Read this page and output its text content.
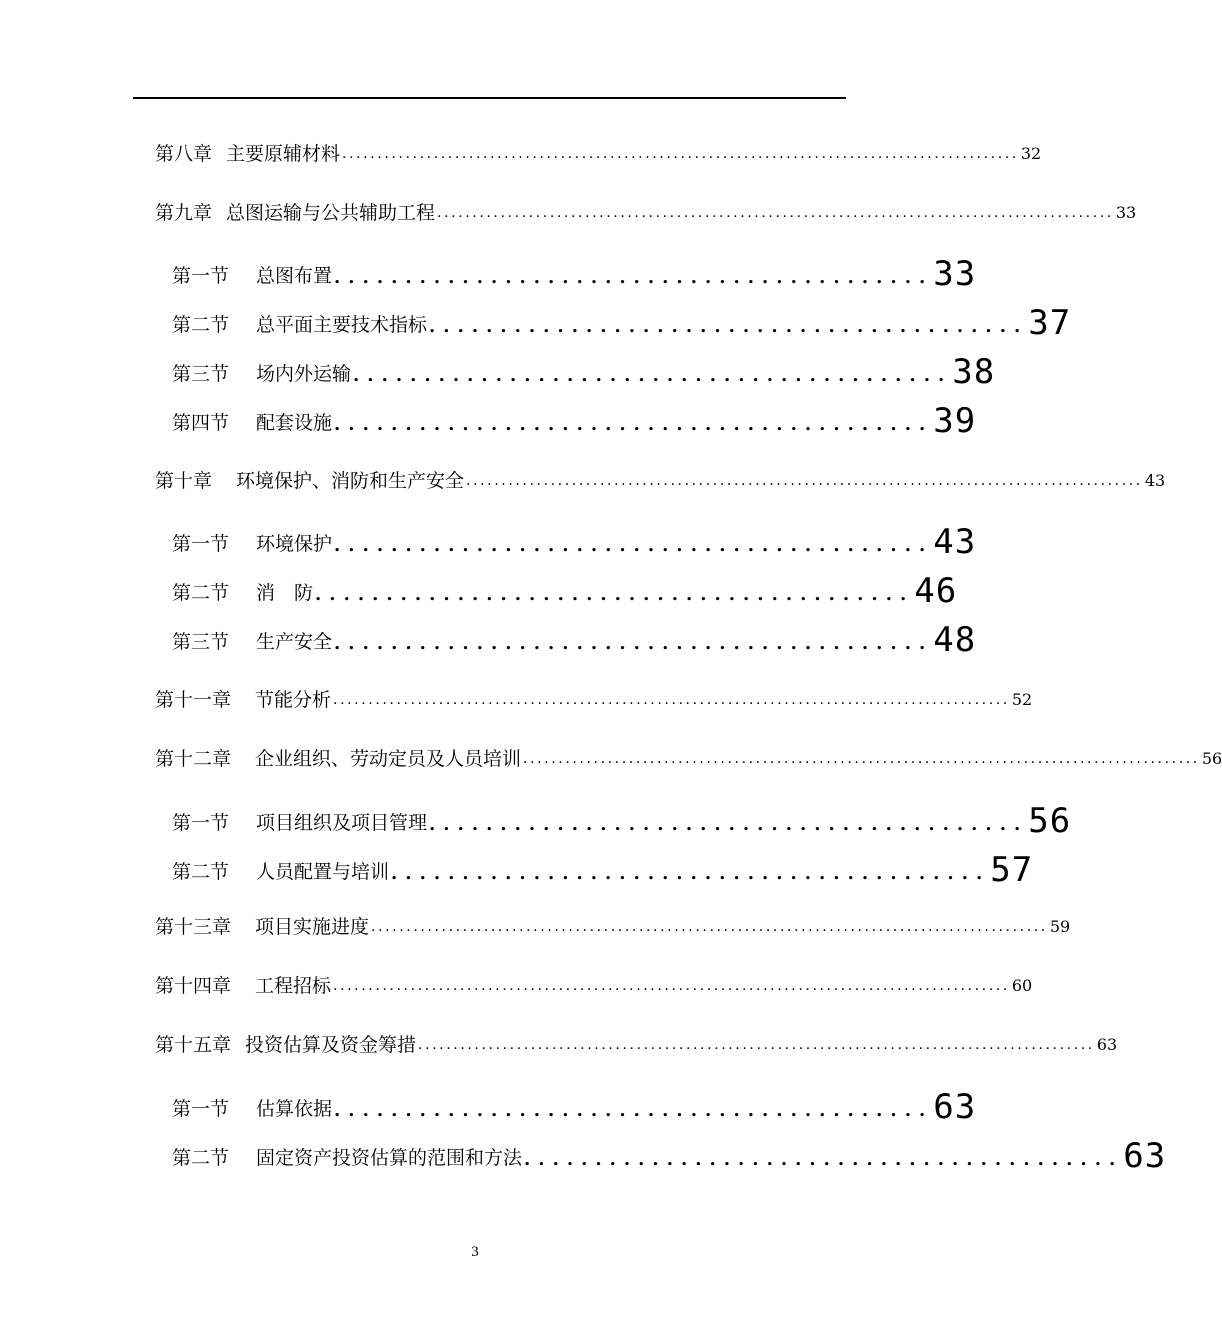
第八章 主要原辅材料 ................................................................................................ 32
第九章 总图运输与公共辅助工程 ................................................................................................ 33
第一节 总图布置 .......................................... 33
第二节 总平面主要技术指标 .......................................... 37
第三节 场内外运输 .......................................... 38
第四节 配套设施 .......................................... 39
第十章 环境保护、消防和生产安全 ................................................................................................ 43
第一节 环境保护 .......................................... 43
第二节 消　防 .......................................... 46
第三节 生产安全 .......................................... 48
第十一章 节能分析 ................................................................................................ 52
第十二章 企业组织、劳动定员及人员培训 ................................................................................................ 56
第一节 项目组织及项目管理 .......................................... 56
第二节 人员配置与培训 .......................................... 57
第十三章 项目实施进度 ................................................................................................ 59
第十四章 工程招标 ................................................................................................ 60
第十五章 投资估算及资金筹措 ................................................................................................ 63
第一节 估算依据 .......................................... 63
第二节 固定资产投资估算的范围和方法 .......................................... 63
3
